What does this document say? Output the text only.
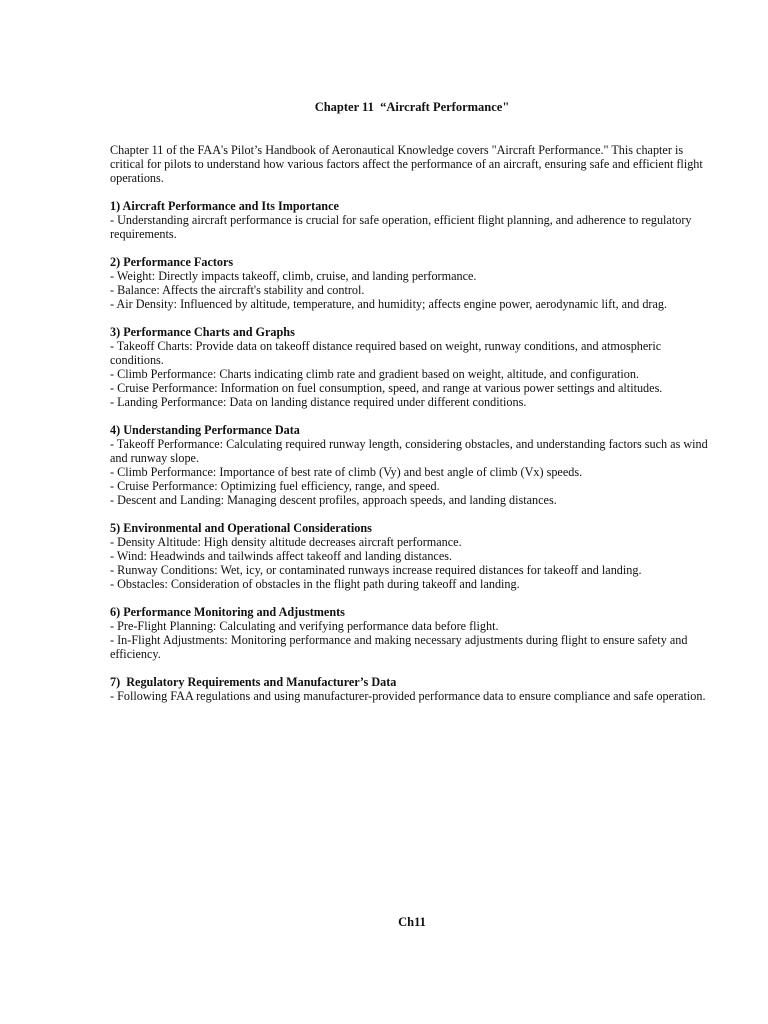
Chapter 11  “Aircraft Performance"

Chapter 11 of the FAA's Pilot’s Handbook of Aeronautical Knowledge covers "Aircraft Performance." This chapter is critical for pilots to understand how various factors affect the performance of an aircraft, ensuring safe and efficient flight operations.

1) Aircraft Performance and Its Importance

- Understanding aircraft performance is crucial for safe operation, efficient flight planning, and adherence to regulatory requirements.

2) Performance Factors

- Weight: Directly impacts takeoff, climb, cruise, and landing performance.

- Balance: Affects the aircraft's stability and control.

- Air Density: Influenced by altitude, temperature, and humidity; affects engine power, aerodynamic lift, and drag.

3) Performance Charts and Graphs

- Takeoff Charts: Provide data on takeoff distance required based on weight, runway conditions, and atmospheric conditions.

- Climb Performance: Charts indicating climb rate and gradient based on weight, altitude, and configuration.

- Cruise Performance: Information on fuel consumption, speed, and range at various power settings and altitudes.

- Landing Performance: Data on landing distance required under different conditions.

4) Understanding Performance Data

- Takeoff Performance: Calculating required runway length, considering obstacles, and understanding factors such as wind and runway slope.

- Climb Performance: Importance of best rate of climb (Vy) and best angle of climb (Vx) speeds.

- Cruise Performance: Optimizing fuel efficiency, range, and speed.

- Descent and Landing: Managing descent profiles, approach speeds, and landing distances.

5) Environmental and Operational Considerations

- Density Altitude: High density altitude decreases aircraft performance.

- Wind: Headwinds and tailwinds affect takeoff and landing distances.

- Runway Conditions: Wet, icy, or contaminated runways increase required distances for takeoff and landing.

- Obstacles: Consideration of obstacles in the flight path during takeoff and landing.

6) Performance Monitoring and Adjustments

- Pre-Flight Planning: Calculating and verifying performance data before flight.

- In-Flight Adjustments: Monitoring performance and making necessary adjustments during flight to ensure safety and efficiency.

7)  Regulatory Requirements and Manufacturer’s Data

- Following FAA regulations and using manufacturer-provided performance data to ensure compliance and safe operation.

Ch11
